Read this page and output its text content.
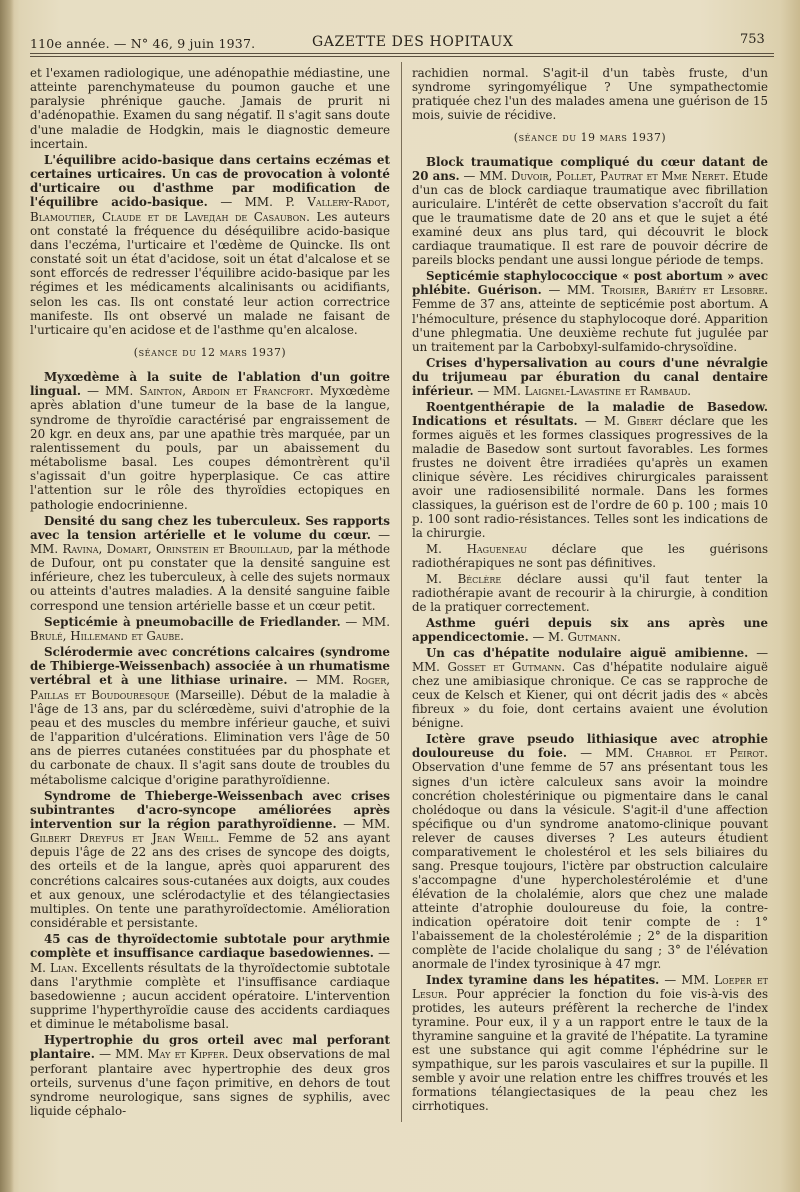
110e année. — N° 46, 9 juin 1937.	GAZETTE DES HOPITAUX	753

et l'examen radiologique, une adénopathie médiastine, une atteinte parenchymateuse du poumon gauche et une paralysie phrénique gauche. Jamais de prurit ni d'adénopathie. Examen du sang négatif. Il s'agit sans doute d'une maladie de Hodgkin, mais le diagnostic demeure incertain.

L'équilibre acido-basique dans certains eczémas et certaines urticaires. Un cas de provocation à volonté d'urticaire ou d'asthme par modification de l'équilibre acido-basique. — MM. P. Vallery-Radot, Blamoutier, Claude et de Laveдан de Casaubon. Les auteurs ont constaté la fréquence du déséquilibre acido-basique dans l'eczéma, l'urticaire et l'œdème de Quincke. Ils ont constaté soit un état d'acidose, soit un état d'alcalose et se sont efforcés de redresser l'équilibre acido-basique par les régimes et les médicaments alcalinisants ou acidifiants, selon les cas. Ils ont constaté leur action correctrice manifeste. Ils ont observé un malade ne faisant de l'urticaire qu'en acidose et de l'asthme qu'en alcalose.

(séance du 12 mars 1937)

Myxœdème à la suite de l'ablation d'un goitre lingual. — MM. Sainton, Ardoin et Francfort. Myxœdème après ablation d'une tumeur de la base de la langue, syndrome de thyroïdie caractérisé par engraissement de 20 kgr. en deux ans, par une apathie très marquée, par un ralentissement du pouls, par un abaissement du métabolisme basal. Les coupes démontrèrent qu'il s'agissait d'un goitre hyperplasique. Ce cas attire l'attention sur le rôle des thyroïdies ectopiques en pathologie endocrinienne.

Densité du sang chez les tuberculeux. Ses rapports avec la tension artérielle et le volume du cœur. — MM. Ravina, Domart, Orinstein et Brouillaud, par la méthode de Dufour, ont pu constater que la densité sanguine est inférieure, chez les tuberculeux, à celle des sujets normaux ou atteints d'autres maladies. A la densité sanguine faible correspond une tension artérielle basse et un cœur petit.

Septicémie à pneumobacille de Friedlander. — MM. Brulé, Hillemand et Gaube.

Sclérodermie avec concrétions calcaires (syndrome de Thibierge-Weissenbach) associée à un rhumatisme vertébral et à une lithiase urinaire. — MM. Roger, Paillas et Boudouresque (Marseille). Début de la maladie à l'âge de 13 ans, par du sclérœdème, suivi d'atrophie de la peau et des muscles du membre inférieur gauche, et suivi de l'apparition d'ulcérations. Elimination vers l'âge de 50 ans de pierres cutanées constituées par du phosphate et du carbonate de chaux. Il s'agit sans doute de troubles du métabolisme calcique d'origine parathyroïdienne.

Syndrome de Thieberge-Weissenbach avec crises subintrantes d'acro-syncope améliorées après intervention sur la région parathyroïdienne. — MM. Gilbert Dreyfus et Jean Weill. Femme de 52 ans ayant depuis l'âge de 22 ans des crises de syncope des doigts, des orteils et de la langue, après quoi apparurent des concrétions calcaires sous-cutanées aux doigts, aux coudes et aux genoux, une sclérodactylie et des télangiectasies multiples. On tente une parathyroïdectomie. Amélioration considérable et persistante.

45 cas de thyroïdectomie subtotale pour arythmie complète et insuffisance cardiaque basedowiennes. — M. Lian. Excellents résultats de la thyroïdectomie subtotale dans l'arythmie complète et l'insuffisance cardiaque basedowienne ; aucun accident opératoire. L'intervention supprime l'hyperthyroïdie cause des accidents cardiaques et diminue le métabolisme basal.

Hypertrophie du gros orteil avec mal perforant plantaire. — MM. May et Kipfer. Deux observations de mal perforant plantaire avec hypertrophie des deux gros orteils, survenus d'une façon primitive, en dehors de tout syndrome neurologique, sans signes de syphilis, avec liquide céphalo-

rachidien normal. S'agit-il d'un tabès fruste, d'un syndrome syringomyélique ? Une sympathectomie pratiquée chez l'un des malades amena une guérison de 15 mois, suivie de récidive.

(séance du 19 mars 1937)

Block traumatique compliqué du cœur datant de 20 ans. — MM. Duvoir, Pollet, Pautrat et Mme Neret. Etude d'un cas de block cardiaque traumatique avec fibrillation auriculaire. L'intérêt de cette observation s'accroît du fait que le traumatisme date de 20 ans et que le sujet a été examiné deux ans plus tard, qui découvrit le block cardiaque traumatique. Il est rare de pouvoir décrire de pareils blocks pendant une aussi longue période de temps.

Septicémie staphylococcique « post abortum » avec phlébite. Guérison. — MM. Troisier, Bariéty et Lesobre. Femme de 37 ans, atteinte de septicémie post abortum. A l'hémoculture, présence du staphylocoque doré. Apparition d'une phlegmatia. Une deuxième rechute fut jugulée par un traitement par la Carbobxyl-sulfamido-chrysoïdine.

Crises d'hypersalivation au cours d'une névralgie du trijumeau par éburation du canal dentaire inférieur. — MM. Laignel-Lavastine et Rambaud.

Roentgenthérapie de la maladie de Basedow. Indications et résultats. — M. Gibert déclare que les formes aiguës et les formes classiques progressives de la maladie de Basedow sont surtout favorables. Les formes frustes ne doivent être irradiées qu'après un examen clinique sévère. Les récidives chirurgicales paraissent avoir une radiosensibilité normale. Dans les formes classiques, la guérison est de l'ordre de 60 p. 100 ; mais 10 p. 100 sont radio-résistances. Telles sont les indications de la chirurgie.

M. Hagueneau déclare que les guérisons radiothérapiques ne sont pas définitives.

M. Béclère déclare aussi qu'il faut tenter la radiothérapie avant de recourir à la chirurgie, à condition de la pratiquer correctement.

Asthme guéri depuis six ans après une appendicectomie. — M. Gutmann.

Un cas d'hépatite nodulaire aiguë amibienne. — MM. Gosset et Gutmann. Cas d'hépatite nodulaire aiguë chez une amibiasique chronique. Ce cas se rapproche de ceux de Kelsch et Kiener, qui ont décrit jadis des « abcès fibreux » du foie, dont certains avaient une évolution bénigne.

Ictère grave pseudo lithiasique avec atrophie douloureuse du foie. — MM. Chabrol et Peirot. Observation d'une femme de 57 ans présentant tous les signes d'un ictère calculeux sans avoir la moindre concrétion cholestérinique ou pigmentaire dans le canal cholédoque ou dans la vésicule. S'agit-il d'une affection spécifique ou d'un syndrome anatomo-clinique pouvant relever de causes diverses ? Les auteurs étudient comparativement le cholestérol et les sels biliaires du sang. Presque toujours, l'ictère par obstruction calculaire s'accompagne d'une hypercholestérolémie et d'une élévation de la cholalémie, alors que chez une malade atteinte d'atrophie douloureuse du foie, la contre-indication opératoire doit tenir compte de : 1° l'abaissement de la cholestérolémie ; 2° de la disparition complète de l'acide cholalique du sang ; 3° de l'élévation anormale de l'index tyrosinique à 47 mgr.

Index tyramine dans les hépatites. — MM. Loeper et Lesur. Pour apprécier la fonction du foie vis-à-vis des protides, les auteurs préfèrent la recherche de l'index tyramine. Pour eux, il y a un rapport entre le taux de la thyramine sanguine et la gravité de l'hépatite. La tyramine est une substance qui agit comme l'éphédrine sur le sympathique, sur les parois vasculaires et sur la pupille. Il semble y avoir une relation entre les chiffres trouvés et les formations télangiectasiques de la peau chez les cirrhotiques.
